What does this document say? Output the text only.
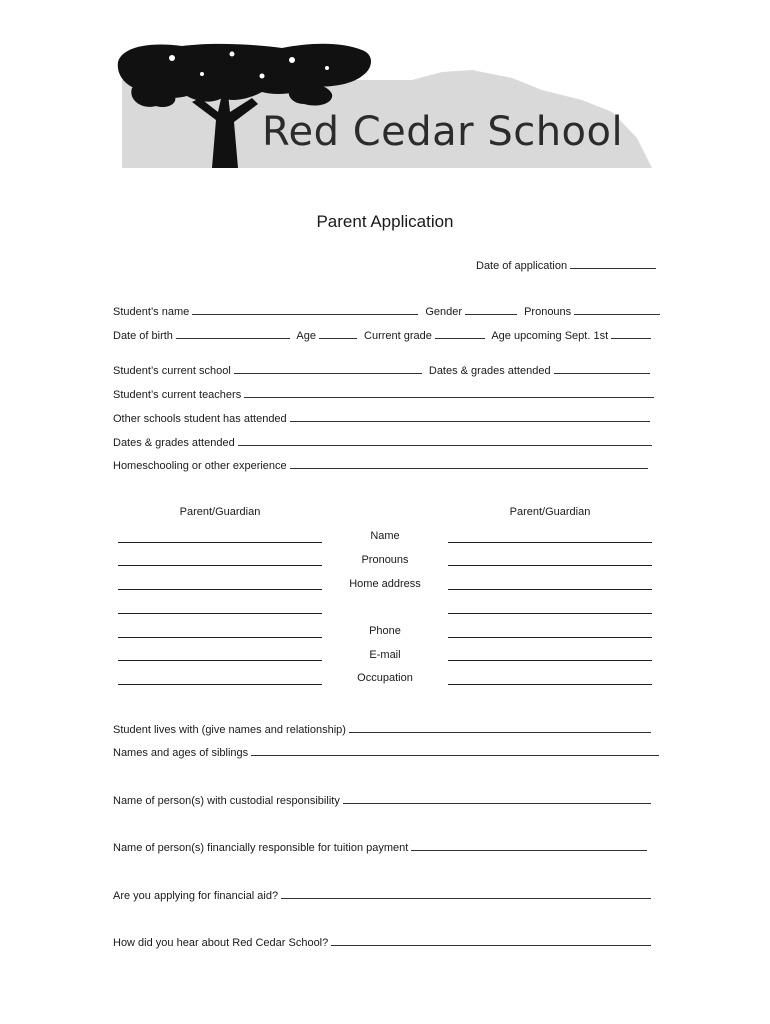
Red Cedar School
Parent Application
Date of application
Student’s name	Gender	Pronouns
Date of birth	Age	Current grade	Age upcoming Sept. 1st
Student’s current school	Dates & grades attended
Student’s current teachers
Other schools student has attended
Dates & grades attended
Homeschooling or other experience
Parent/Guardian	Parent/Guardian
Name
Pronouns
Home address
Phone
E-mail
Occupation
Student lives with (give names and relationship)
Names and ages of siblings
Name of person(s) with custodial responsibility
Name of person(s) financially responsible for tuition payment
Are you applying for financial aid?
How did you hear about Red Cedar School?
